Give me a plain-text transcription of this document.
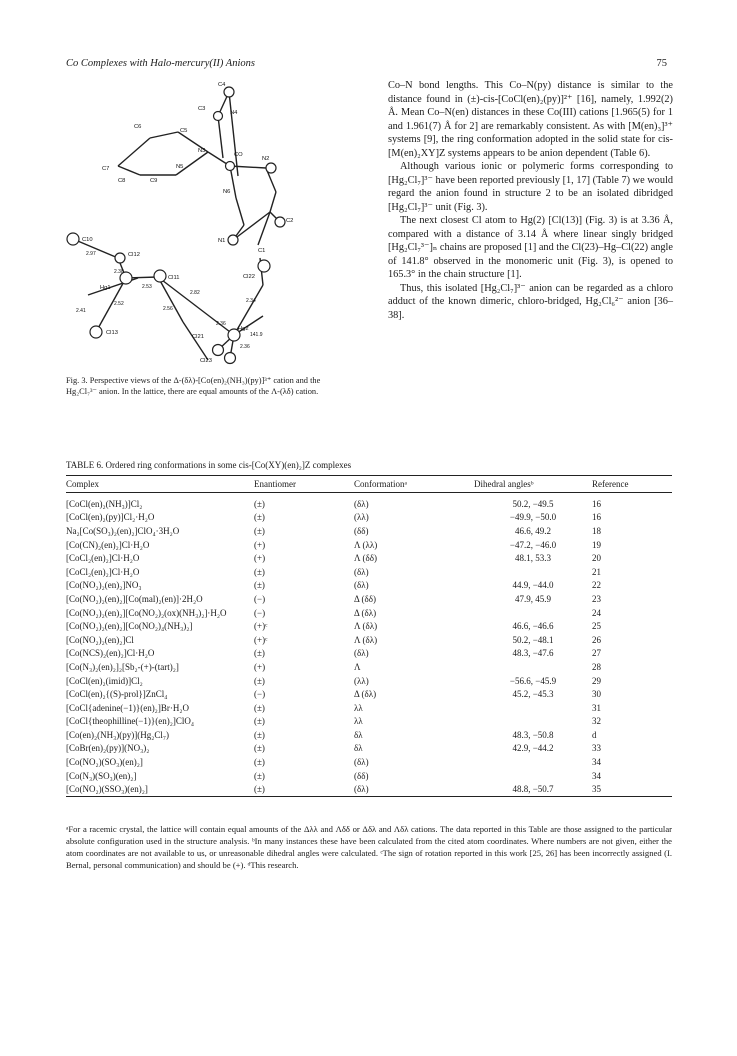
Co Complexes with Halo-mercury(II) Anions	75
C4
C3
N4
C5
C6
N3
CO
N2
C7	N5
C8	C9
N6
C2
N1
C1
C10
Cl12
Cl11	Cl22
Hg1
Hg2
Cl13
Cl21
Cl23
2.97
2.38
2.53
2.41
2.52	2.34
2.56
2.82
2.36
2.36
141.9
Fig. 3. Perspective views of the Δ-(δλ)-[Co(en)₂(NH₃)(py)]³⁺ cation and the Hg₂Cl₇³⁻ anion. In the lattice, there are equal amounts of the Λ-(λδ) cation.

Co–N bond lengths. This Co–N(py) distance is similar to the distance found in (±)-cis-[CoCl(en)₂(py)]²⁺ [16], namely, 1.992(2) Å. Mean Co–N(en) distances in these Co(III) cations [1.965(5) for 1 and 1.961(7) Å for 2] are remarkably consistent. As with [M(en)₃]³⁺ systems [9], the ring conformation adopted in the solid state for cis-[M(en)₂XY]Z systems appears to be anion dependent (Table 6).

Although various ionic or polymeric forms corresponding to [Hg₂Cl₇]³⁻ have been reported previously [1, 17] (Table 7) we would regard the anion found in structure 2 to be an isolated dibridged [Hg₂Cl₇]³⁻ unit (Fig. 3).

The next closest Cl atom to Hg(2) [Cl(13)] (Fig. 3) is at 3.36 Å, compared with a distance of 3.14 Å where linear singly bridged [Hg₂Cl₇³⁻]ₙ chains are proposed [1] and the Cl(23)–Hg–Cl(22) angle of 141.8° observed in the monomeric unit (Fig. 3), is opened to 165.3° in the chain structure [1].

Thus, this isolated [Hg₂Cl₇]³⁻ anion can be regarded as a chloro adduct of the known dimeric, chloro-bridged, Hg₂Cl₆²⁻ anion [36–38].

TABLE 6. Ordered ring conformations in some cis-[Co(XY)(en)₂]Z complexes
Complex	Enantiomer	Conformationᵃ	Dihedral anglesᵇ	Reference
[CoCl(en)₂(NH₃)]Cl₂	(±)	(δλ)	50.2, −49.5	16
[CoCl(en)₂(py)]Cl₂·H₂O	(±)	(λλ)	−49.9, −50.0	16
Na₂[Co(SO₃)₂(en)₂]ClO₄·3H₂O	(±)	(δδ)	46.6, 49.2	18
[Co(CN)₂(en)₂]Cl·H₂O	(+)	Λ (λλ)	−47.2, −46.0	19
[CoCl₂(en)₂]Cl·H₂O	(+)	Λ (δδ)	48.1, 53.3	20
[CoCl₂(en)₂]Cl·H₂O	(±)	(δλ)		21
[Co(NO₂)₂(en)₂]NO₃	(±)	(δλ)	44.9, −44.0	22
[Co(NO₂)₂(en)₂][Co(mal)₂(en)]·2H₂O	(−)	Δ (δδ)	47.9, 45.9	23
[Co(NO₂)₂(en)₂][Co(NO₂)₂(ox)(NH₃)₂]·H₂O	(−)	Δ (δλ)		24
[Co(NO₂)₂(en)₂][Co(NO₂)₄(NH₃)₂]	(+)ᶜ	Λ (δλ)	46.6, −46.6	25
[Co(NO₂)₂(en)₂]Cl	(+)ᶜ	Λ (δλ)	50.2, −48.1	26
[Co(NCS)₂(en)₂]Cl·H₂O	(±)	(δλ)	48.3, −47.6	27
[Co(N₃)₂(en)₂]₂[Sb₂-(+)-(tart)₂]	(+)	Λ		28
[CoCl(en)₂(imid)]Cl₂	(±)	(λλ)	−56.6, −45.9	29
[CoCl(en)₂{(S)-prol}]ZnCl₄	(−)	Δ (δλ)	45.2, −45.3	30
[CoCl{adenine(−1)}(en)₂]Br·H₂O	(±)	λλ		31
[CoCl{theophilline(−1)}(en)₂]ClO₄	(±)	λλ		32
[Co(en)₂(NH₃)(py)](Hg₂Cl₇)	(±)	δλ	48.3, −50.8	d
[CoBr(en)₂(py)](NO₃)₂	(±)	δλ	42.9, −44.2	33
[Co(NO₂)(SO₃)(en)₂]	(±)	(δλ)		34
[Co(N₃)(SO₃)(en)₂]	(±)	(δδ)		34
[Co(NO₂)(SSO₃)(en)₂]	(±)	(δλ)	48.8, −50.7	35
ᵃFor a racemic crystal, the lattice will contain equal amounts of the Δλλ and Λδδ or Δδλ and Λδλ cations. The data reported in this Table are those assigned to the particular absolute configuration used in the structure analysis. ᵇIn many instances these have been calculated from the cited atom coordinates. Where numbers are not given, either the atom coordinates are not available to us, or unreasonable dihedral angles were calculated. ᶜThe sign of rotation reported in this work [25, 26] has been incorrectly assigned (I. Bernal, personal communication) and should be (+). ᵈThis research.
